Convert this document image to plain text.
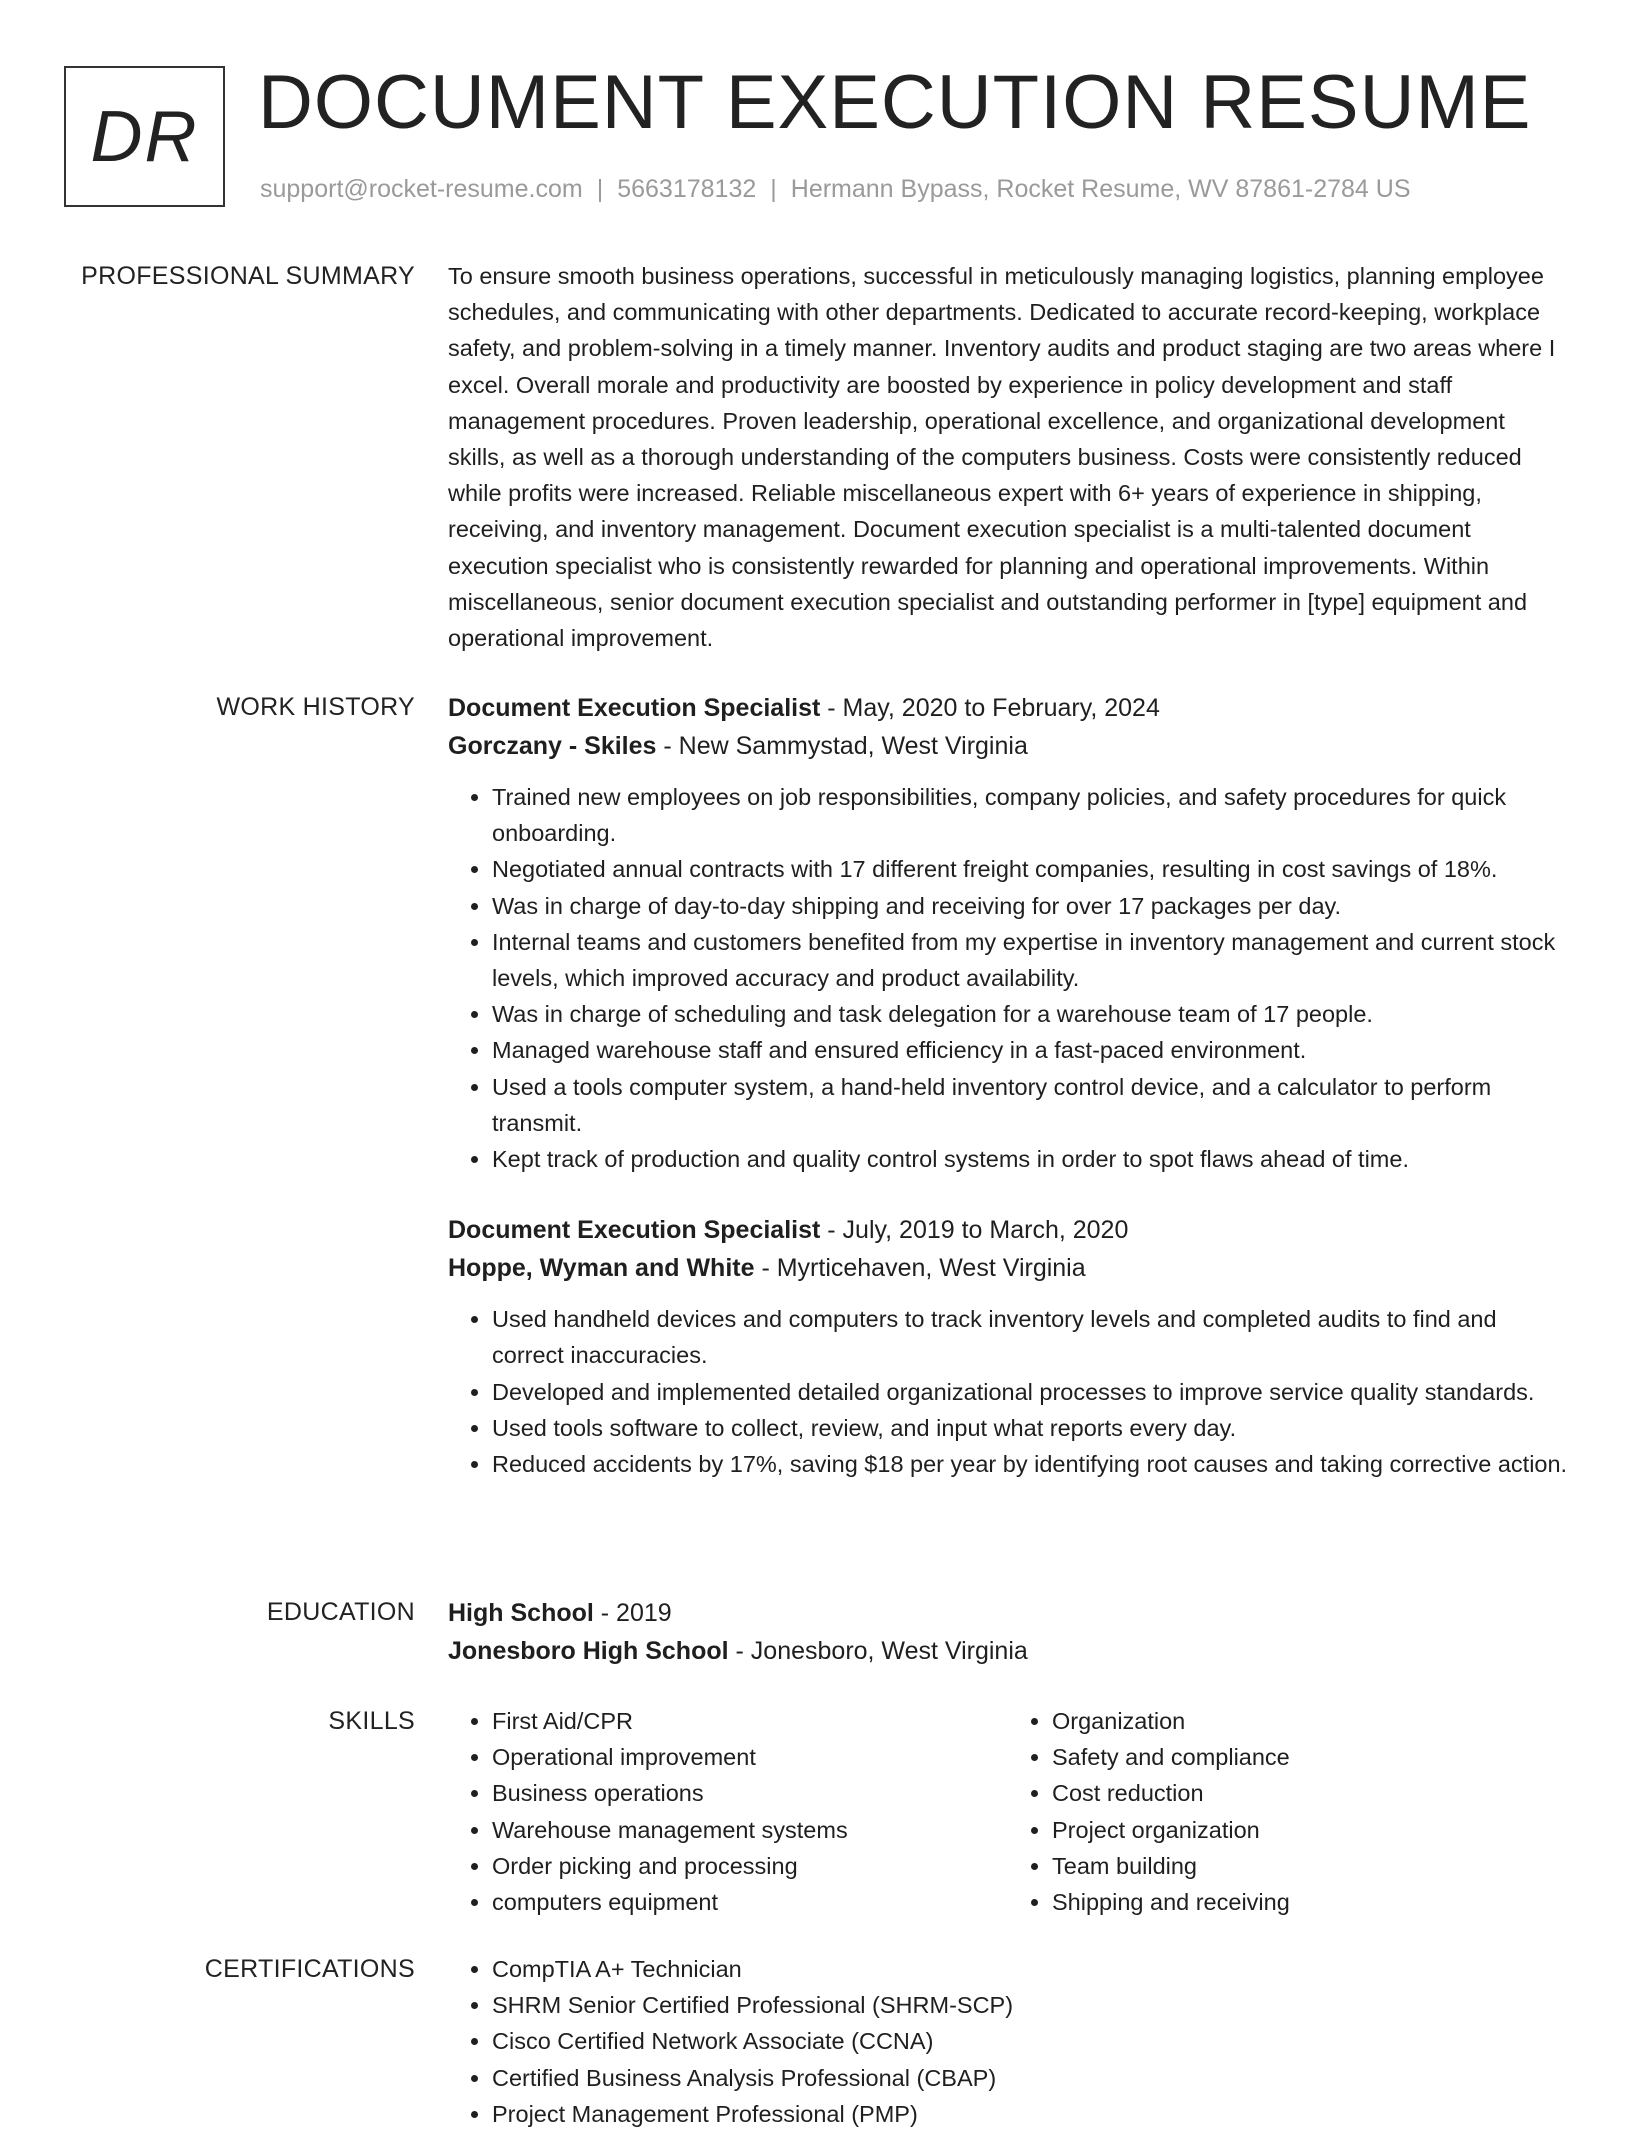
DR DOCUMENT EXECUTION RESUME
support@rocket-resume.com | 5663178132 | Hermann Bypass, Rocket Resume, WV 87861-2784 US
PROFESSIONAL SUMMARY To ensure smooth business operations, successful in meticulously managing logistics, planning employee schedules, and communicating with other departments. Dedicated to accurate record-keeping, workplace safety, and problem-solving in a timely manner. Inventory audits and product staging are two areas where I excel. Overall morale and productivity are boosted by experience in policy development and staff management procedures. Proven leadership, operational excellence, and organizational development skills, as well as a thorough understanding of the computers business. Costs were consistently reduced while profits were increased. Reliable miscellaneous expert with 6+ years of experience in shipping, receiving, and inventory management. Document execution specialist is a multi-talented document execution specialist who is consistently rewarded for planning and operational improvements. Within miscellaneous, senior document execution specialist and outstanding performer in [type] equipment and operational improvement.

WORK HISTORY Document Execution Specialist - May, 2020 to February, 2024
Gorczany - Skiles - New Sammystad, West Virginia
• Trained new employees on job responsibilities, company policies, and safety procedures for quick onboarding.
• Negotiated annual contracts with 17 different freight companies, resulting in cost savings of 18%.
• Was in charge of day-to-day shipping and receiving for over 17 packages per day.
• Internal teams and customers benefited from my expertise in inventory management and current stock levels, which improved accuracy and product availability.
• Was in charge of scheduling and task delegation for a warehouse team of 17 people.
• Managed warehouse staff and ensured efficiency in a fast-paced environment.
• Used a tools computer system, a hand-held inventory control device, and a calculator to perform transmit.
• Kept track of production and quality control systems in order to spot flaws ahead of time.
Document Execution Specialist - July, 2019 to March, 2020
Hoppe, Wyman and White - Myrticehaven, West Virginia
• Used handheld devices and computers to track inventory levels and completed audits to find and correct inaccuracies.
• Developed and implemented detailed organizational processes to improve service quality standards.
• Used tools software to collect, review, and input what reports every day.
• Reduced accidents by 17%, saving $18 per year by identifying root causes and taking corrective action.
EDUCATION High School - 2019
Jonesboro High School - Jonesboro, West Virginia
SKILLS	• First Aid/CPR
• Operational improvement
• Business operations
• Warehouse management systems
• Order picking and processing
• computers equipment
• Organization
• Safety and compliance
• Cost reduction
• Project organization
• Team building
• Shipping and receiving
CERTIFICATIONS	• CompTIA A+ Technician
• SHRM Senior Certified Professional (SHRM-SCP)
• Cisco Certified Network Associate (CCNA)
• Certified Business Analysis Professional (CBAP)
• Project Management Professional (PMP)
